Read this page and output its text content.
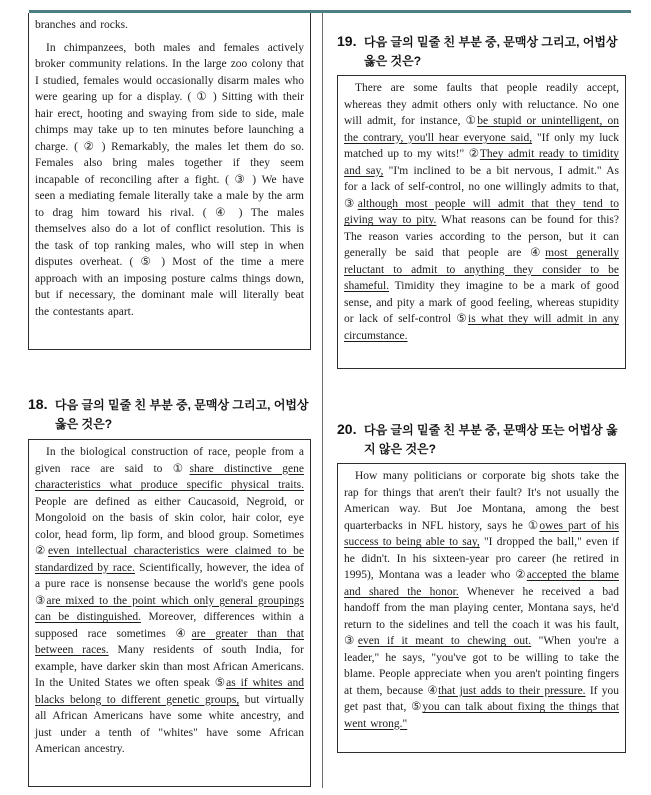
branches and rocks.

In chimpanzees, both males and females actively broker community relations. In the large zoo colony that I studied, females would occasionally disarm males who were gearing up for a display. ( ① ) Sitting with their hair erect, hooting and swaying from side to side, male chimps may take up to ten minutes before launching a charge. ( ② ) Remarkably, the males let them do so. Females also bring males together if they seem incapable of reconciling after a fight. ( ③ ) We have seen a mediating female literally take a male by the arm to drag him toward his rival. ( ④ ) The males themselves also do a lot of conflict resolution. This is the task of top ranking males, who will step in when disputes overheat. ( ⑤ ) Most of the time a mere approach with an imposing posture calms things down, but if necessary, the dominant male will literally beat the contestants apart.

18. 다음 글의 밑줄 친 부분 중, 문맥상 그리고, 어법상 옳은 것은?

In the biological construction of race, people from a given race are said to ①share distinctive gene characteristics what produce specific physical traits. People are defined as either Caucasoid, Negroid, or Mongoloid on the basis of skin color, hair color, eye color, head form, lip form, and blood group. Sometimes ②even intellectual characteristics were claimed to be standardized by race. Scientifically, however, the idea of a pure race is nonsense because the world's gene pools ③are mixed to the point which only general groupings can be distinguished. Moreover, differences within a supposed race sometimes ④are greater than that between races. Many residents of south India, for example, have darker skin than most African Americans. In the United States we often speak ⑤as if whites and blacks belong to different genetic groups, but virtually all African Americans have some white ancestry, and just under a tenth of "whites" have some African American ancestry.

19. 다음 글의 밑줄 친 부분 중, 문맥상 그리고, 어법상 옳은 것은?

There are some faults that people readily accept, whereas they admit others only with reluctance. No one will admit, for instance, ①be stupid or unintelligent, on the contrary, you'll hear everyone said, "If only my luck matched up to my wits!" ②They admit ready to timidity and say, "I'm inclined to be a bit nervous, I admit." As for a lack of self-control, no one willingly admits to that, ③although most people will admit that they tend to giving way to pity. What reasons can be found for this? The reason varies according to the person, but it can generally be said that people are ④most generally reluctant to admit to anything they consider to be shameful. Timidity they imagine to be a mark of good sense, and pity a mark of good feeling, whereas stupidity or lack of self-control ⑤is what they will admit in any circumstance.

20. 다음 글의 밑줄 친 부분 중, 문맥상 또는 어법상 옳지 않은 것은?

How many politicians or corporate big shots take the rap for things that aren't their fault? It's not usually the American way. But Joe Montana, among the best quarterbacks in NFL history, says he ①owes part of his success to being able to say, "I dropped the ball," even if he didn't. In his sixteen-year pro career (he retired in 1995), Montana was a leader who ②accepted the blame and shared the honor. Whenever he received a bad handoff from the man playing center, Montana says, he'd return to the sidelines and tell the coach it was his fault, ③even if it meant to chewing out. "When you're a leader," he says, "you've got to be willing to take the blame. People appreciate when you aren't pointing fingers at them, because ④that just adds to their pressure. If you get past that, ⑤you can talk about fixing the things that went wrong."
